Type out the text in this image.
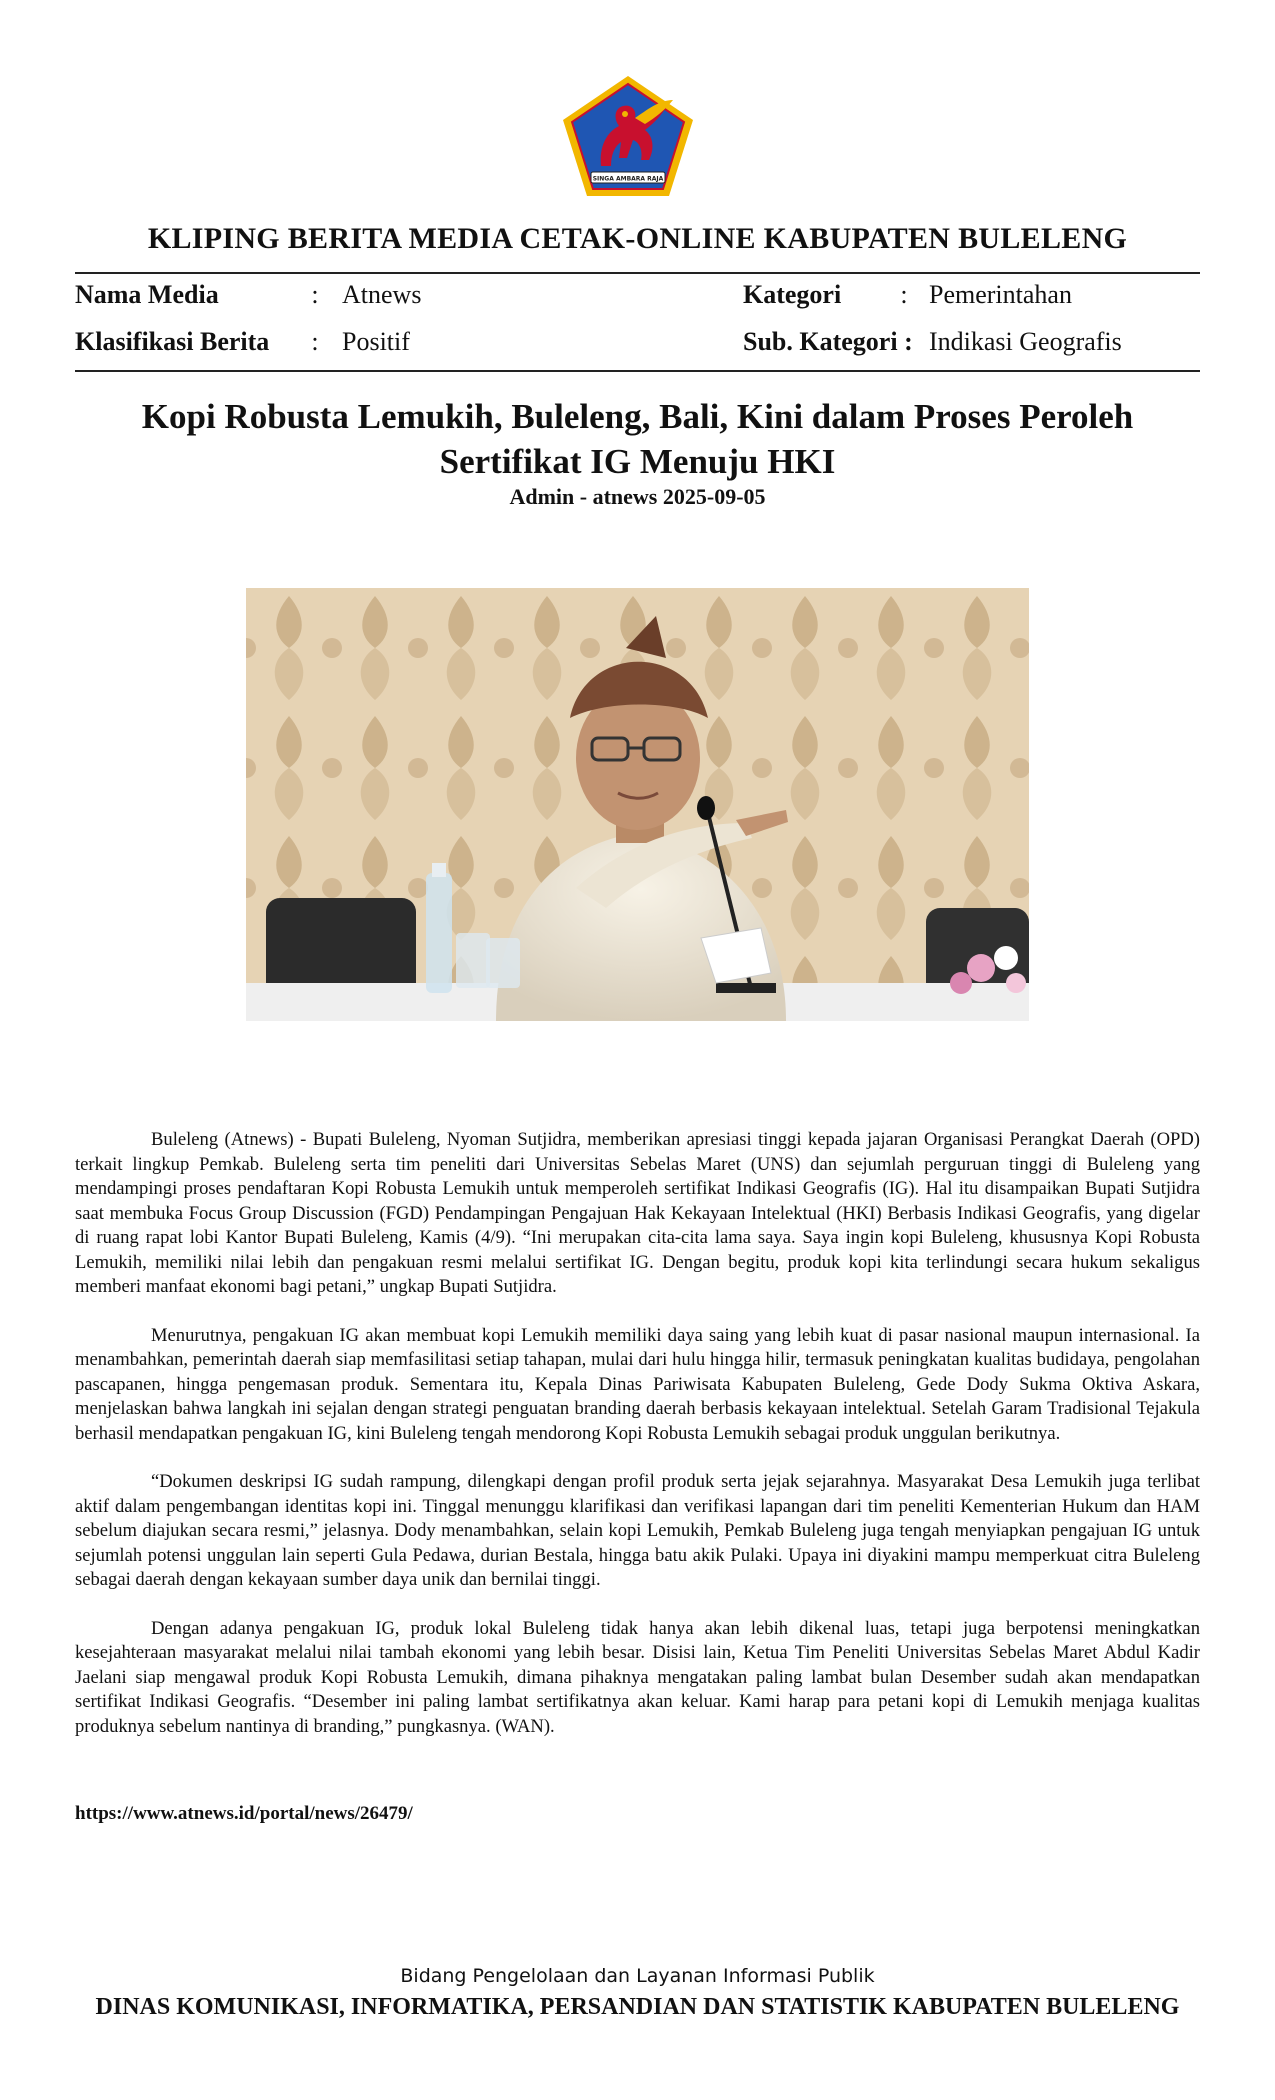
SINGA AMBARA RAJA
KLIPING BERITA MEDIA CETAK-ONLINE KABUPATEN BULELENG
Nama Media	: Atnews
Klasifikasi Berita : Positif
Kategori : Pemerintahan
Sub. Kategori : Indikasi Geografis
Kopi Robusta Lemukih, Buleleng, Bali, Kini dalam Proses Peroleh Sertifikat IG Menuju HKI
Admin - atnews 2025-09-05

Buleleng (Atnews) - Bupati Buleleng, Nyoman Sutjidra, memberikan apresiasi tinggi kepada jajaran Organisasi Perangkat Daerah (OPD) terkait lingkup Pemkab. Buleleng serta tim peneliti dari Universitas Sebelas Maret (UNS) dan sejumlah perguruan tinggi di Buleleng yang mendampingi proses pendaftaran Kopi Robusta Lemukih untuk memperoleh sertifikat Indikasi Geografis (IG). Hal itu disampaikan Bupati Sutjidra saat membuka Focus Group Discussion (FGD) Pendampingan Pengajuan Hak Kekayaan Intelektual (HKI) Berbasis Indikasi Geografis, yang digelar di ruang rapat lobi Kantor Bupati Buleleng, Kamis (4/9). “Ini merupakan cita-cita lama saya. Saya ingin kopi Buleleng, khususnya Kopi Robusta Lemukih, memiliki nilai lebih dan pengakuan resmi melalui sertifikat IG. Dengan begitu, produk kopi kita terlindungi secara hukum sekaligus memberi manfaat ekonomi bagi petani,” ungkap Bupati Sutjidra.

Menurutnya, pengakuan IG akan membuat kopi Lemukih memiliki daya saing yang lebih kuat di pasar nasional maupun internasional. Ia menambahkan, pemerintah daerah siap memfasilitasi setiap tahapan, mulai dari hulu hingga hilir, termasuk peningkatan kualitas budidaya, pengolahan pascapanen, hingga pengemasan produk. Sementara itu, Kepala Dinas Pariwisata Kabupaten Buleleng, Gede Dody Sukma Oktiva Askara, menjelaskan bahwa langkah ini sejalan dengan strategi penguatan branding daerah berbasis kekayaan intelektual. Setelah Garam Tradisional Tejakula berhasil mendapatkan pengakuan IG, kini Buleleng tengah mendorong Kopi Robusta Lemukih sebagai produk unggulan berikutnya.

“Dokumen deskripsi IG sudah rampung, dilengkapi dengan profil produk serta jejak sejarahnya. Masyarakat Desa Lemukih juga terlibat aktif dalam pengembangan identitas kopi ini. Tinggal menunggu klarifikasi dan verifikasi lapangan dari tim peneliti Kementerian Hukum dan HAM sebelum diajukan secara resmi,” jelasnya. Dody menambahkan, selain kopi Lemukih, Pemkab Buleleng juga tengah menyiapkan pengajuan IG untuk sejumlah potensi unggulan lain seperti Gula Pedawa, durian Bestala, hingga batu akik Pulaki. Upaya ini diyakini mampu memperkuat citra Buleleng sebagai daerah dengan kekayaan sumber daya unik dan bernilai tinggi.

Dengan adanya pengakuan IG, produk lokal Buleleng tidak hanya akan lebih dikenal luas, tetapi juga berpotensi meningkatkan kesejahteraan masyarakat melalui nilai tambah ekonomi yang lebih besar. Disisi lain, Ketua Tim Peneliti Universitas Sebelas Maret Abdul Kadir Jaelani siap mengawal produk Kopi Robusta Lemukih, dimana pihaknya mengatakan paling lambat bulan Desember sudah akan mendapatkan sertifikat Indikasi Geografis. “Desember ini paling lambat sertifikatnya akan keluar. Kami harap para petani kopi di Lemukih menjaga kualitas produknya sebelum nantinya di branding,” pungkasnya. (WAN).

https://www.atnews.id/portal/news/26479/
Bidang Pengelolaan dan Layanan Informasi Publik
DINAS KOMUNIKASI, INFORMATIKA, PERSANDIAN DAN STATISTIK KABUPATEN BULELENG
